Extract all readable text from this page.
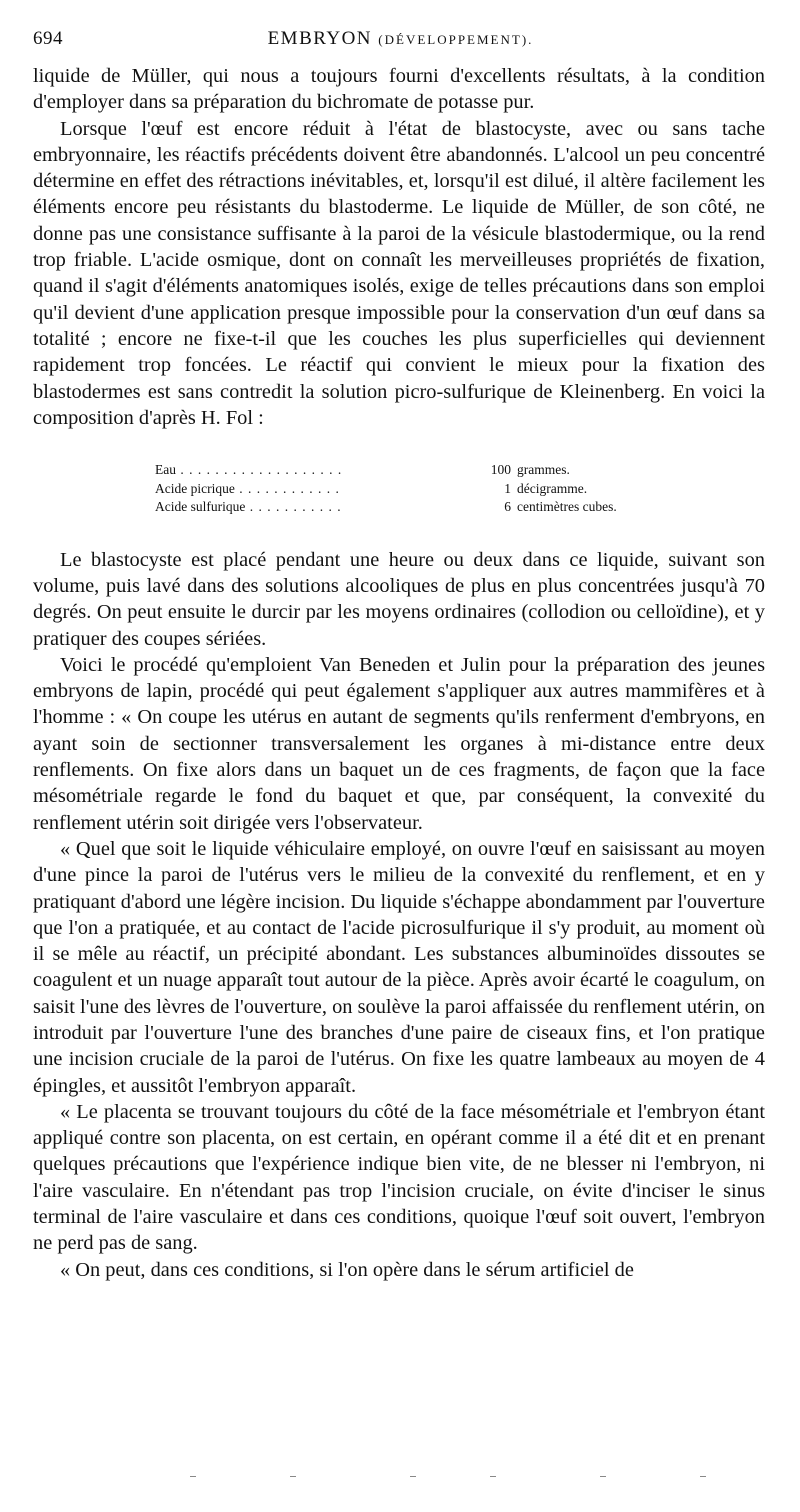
694	EMBRYON (DÉVELOPPEMENT).

liquide de Müller, qui nous a toujours fourni d'excellents résultats, à la condition d'employer dans sa préparation du bichromate de potasse pur.

Lorsque l'œuf est encore réduit à l'état de blastocyste, avec ou sans tache embryonnaire, les réactifs précédents doivent être abandonnés. L'alcool un peu concentré détermine en effet des rétractions inévitables, et, lorsqu'il est dilué, il altère facilement les éléments encore peu résistants du blastoderme. Le liquide de Müller, de son côté, ne donne pas une consistance suffisante à la paroi de la vésicule blastodermique, ou la rend trop friable. L'acide osmique, dont on connaît les merveilleuses propriétés de fixation, quand il s'agit d'éléments anatomiques isolés, exige de telles précautions dans son emploi qu'il devient d'une application presque impossible pour la conservation d'un œuf dans sa totalité ; encore ne fixe-t-il que les couches les plus superficielles qui deviennent rapidement trop foncées. Le réactif qui convient le mieux pour la fixation des blastodermes est sans contredit la solution picro-sulfurique de Kleinenberg. En voici la composition d'après H. Fol :

Eau . . .	100 grammes.
Acide picrique . . .	1 décigramme.
Acide sulfurique . . .	6 centimètres cubes.

Le blastocyste est placé pendant une heure ou deux dans ce liquide, suivant son volume, puis lavé dans des solutions alcooliques de plus en plus concentrées jusqu'à 70 degrés. On peut ensuite le durcir par les moyens ordinaires (collodion ou celloïdine), et y pratiquer des coupes sériées.

Voici le procédé qu'emploient Van Beneden et Julin pour la préparation des jeunes embryons de lapin, procédé qui peut également s'appliquer aux autres mammifères et à l'homme : « On coupe les utérus en autant de segments qu'ils renferment d'embryons, en ayant soin de sectionner transversalement les organes à mi-distance entre deux renflements. On fixe alors dans un baquet un de ces fragments, de façon que la face mésométriale regarde le fond du baquet et que, par conséquent, la convexité du renflement utérin soit dirigée vers l'observateur.

« Quel que soit le liquide véhiculaire employé, on ouvre l'œuf en saisissant au moyen d'une pince la paroi de l'utérus vers le milieu de la convexité du renflement, et en y pratiquant d'abord une légère incision. Du liquide s'échappe abondamment par l'ouverture que l'on a pratiquée, et au contact de l'acide picrosulfurique il s'y produit, au moment où il se mêle au réactif, un précipité abondant. Les substances albuminoïdes dissoutes se coagulent et un nuage apparaît tout autour de la pièce. Après avoir écarté le coagulum, on saisit l'une des lèvres de l'ouverture, on soulève la paroi affaissée du renflement utérin, on introduit par l'ouverture l'une des branches d'une paire de ciseaux fins, et l'on pratique une incision cruciale de la paroi de l'utérus. On fixe les quatre lambeaux au moyen de 4 épingles, et aussitôt l'embryon apparaît.

« Le placenta se trouvant toujours du côté de la face mésométriale et l'embryon étant appliqué contre son placenta, on est certain, en opérant comme il a été dit et en prenant quelques précautions que l'expérience indique bien vite, de ne blesser ni l'embryon, ni l'aire vasculaire. En n'étendant pas trop l'incision cruciale, on évite d'inciser le sinus terminal de l'aire vasculaire et dans ces conditions, quoique l'œuf soit ouvert, l'embryon ne perd pas de sang.

« On peut, dans ces conditions, si l'on opère dans le sérum artificiel de
